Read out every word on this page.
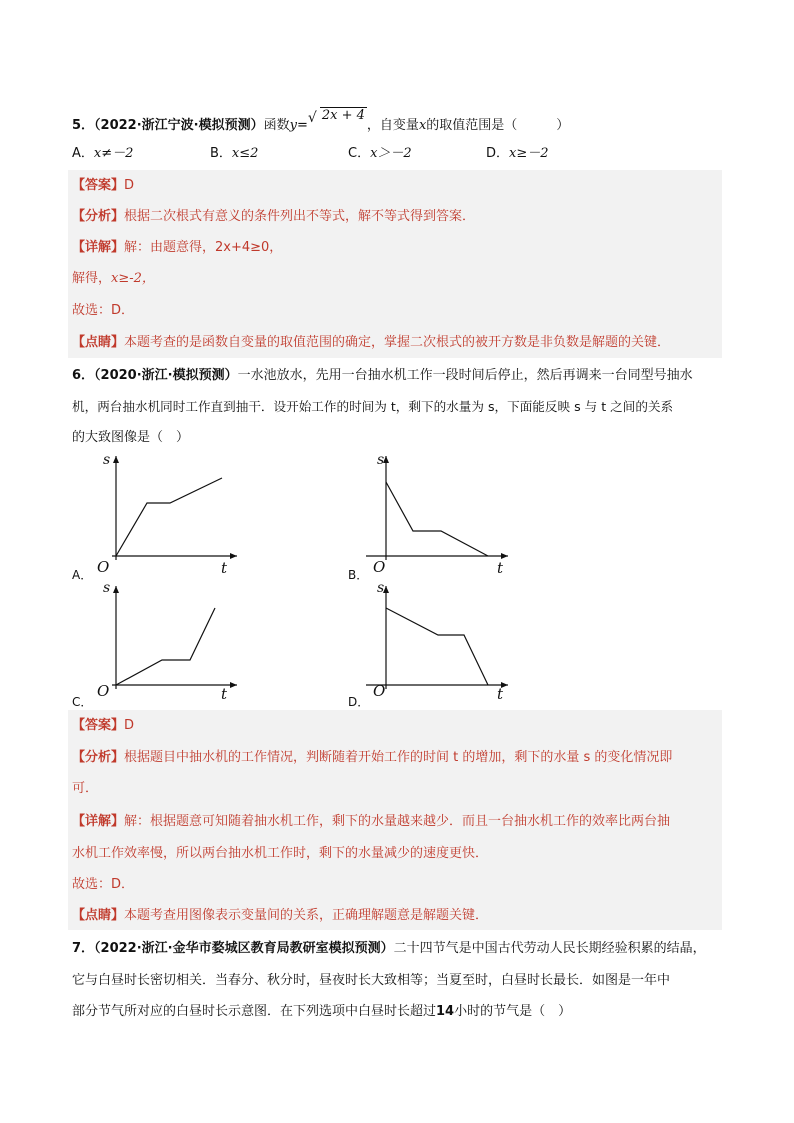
5．（2022·浙江宁波·模拟预测）函数y= √ 2x + 4，自变量x的取值范围是（　　　）
A．x≠－2	B．x≤2	C．x＞－2	D．x≥－2
【答案】D
【分析】根据二次根式有意义的条件列出不等式，解不等式得到答案．
【详解】解：由题意得，2x+4≥0，
解得，x≥-2，
故选：D．
【点睛】本题考查的是函数自变量的取值范围的确定，掌握二次根式的被开方数是非负数是解题的关键．
6．（2020·浙江·模拟预测）一水池放水，先用一台抽水机工作一段时间后停止，然后再调来一台同型号抽水
机，两台抽水机同时工作直到抽干．设开始工作的时间为 t，剩下的水量为 s，下面能反映 s 与 t 之间的关系
的大致图像是（　）
A．
s
O	t	B．
s
O	t
C．
s
O	t	D．
s
O	t
【答案】D
【分析】根据题目中抽水机的工作情况，判断随着开始工作的时间 t 的增加，剩下的水量 s 的变化情况即
可．
【详解】解：根据题意可知随着抽水机工作，剩下的水量越来越少．而且一台抽水机工作的效率比两台抽
水机工作效率慢，所以两台抽水机工作时，剩下的水量减少的速度更快．
故选：D．
【点睛】本题考查用图像表示变量间的关系，正确理解题意是解题关键．
7．（2022·浙江·金华市婺城区教育局教研室模拟预测）二十四节气是中国古代劳动人民长期经验积累的结晶，
它与白昼时长密切相关．当春分、秋分时，昼夜时长大致相等；当夏至时，白昼时长最长．如图是一年中
部分节气所对应的白昼时长示意图．在下列选项中白昼时长超过14小时的节气是（　）
